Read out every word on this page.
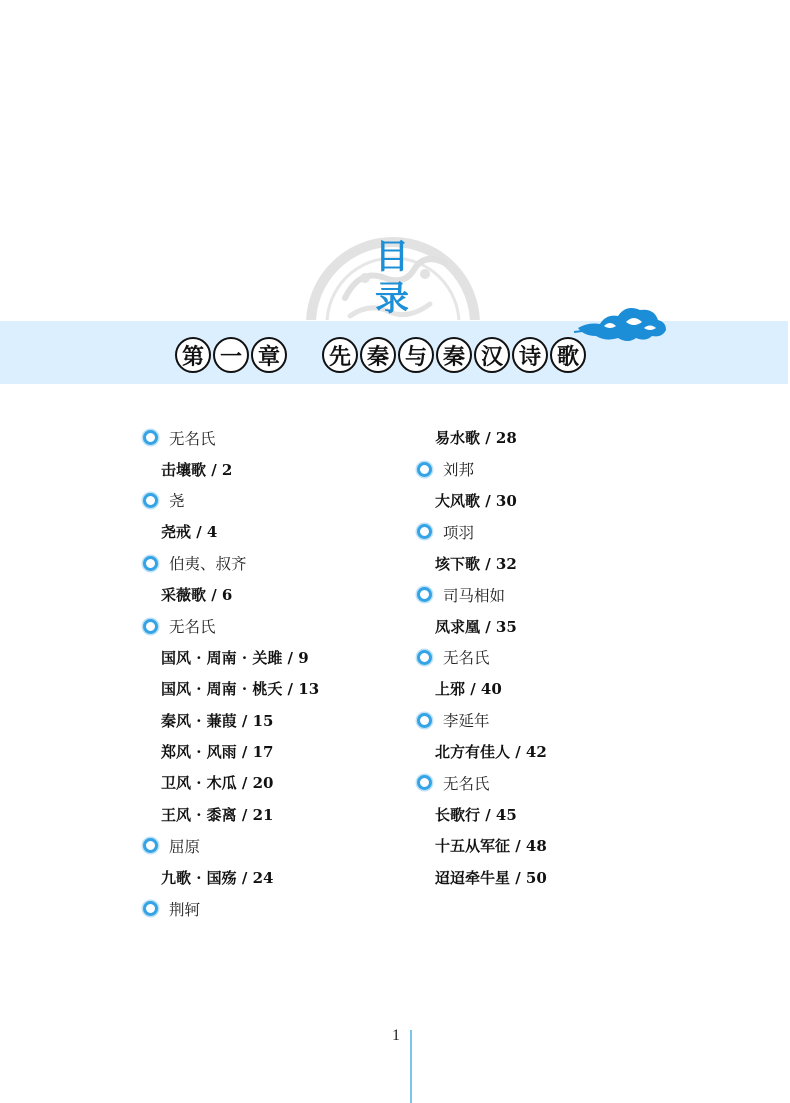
目
录
第 一 章	先 秦 与 秦 汉 诗 歌
无名氏
击壤歌 / 2
尧
尧戒 / 4
伯夷、叔齐
采薇歌 / 6
无名氏
国风 · 周南 · 关雎 / 9
国风 · 周南 · 桃夭 / 13
秦风 · 蒹葭 / 15
郑风 · 风雨 / 17
卫风 · 木瓜 / 20
王风 · 黍离 / 21
屈原
九歌 · 国殇 / 24
荆轲
易水歌 / 28
刘邦
大风歌 / 30
项羽
垓下歌 / 32
司马相如
凤求凰 / 35
无名氏
上邪 / 40
李延年
北方有佳人 / 42
无名氏
长歌行 / 45
十五从军征 / 48
迢迢牵牛星 / 50
1
